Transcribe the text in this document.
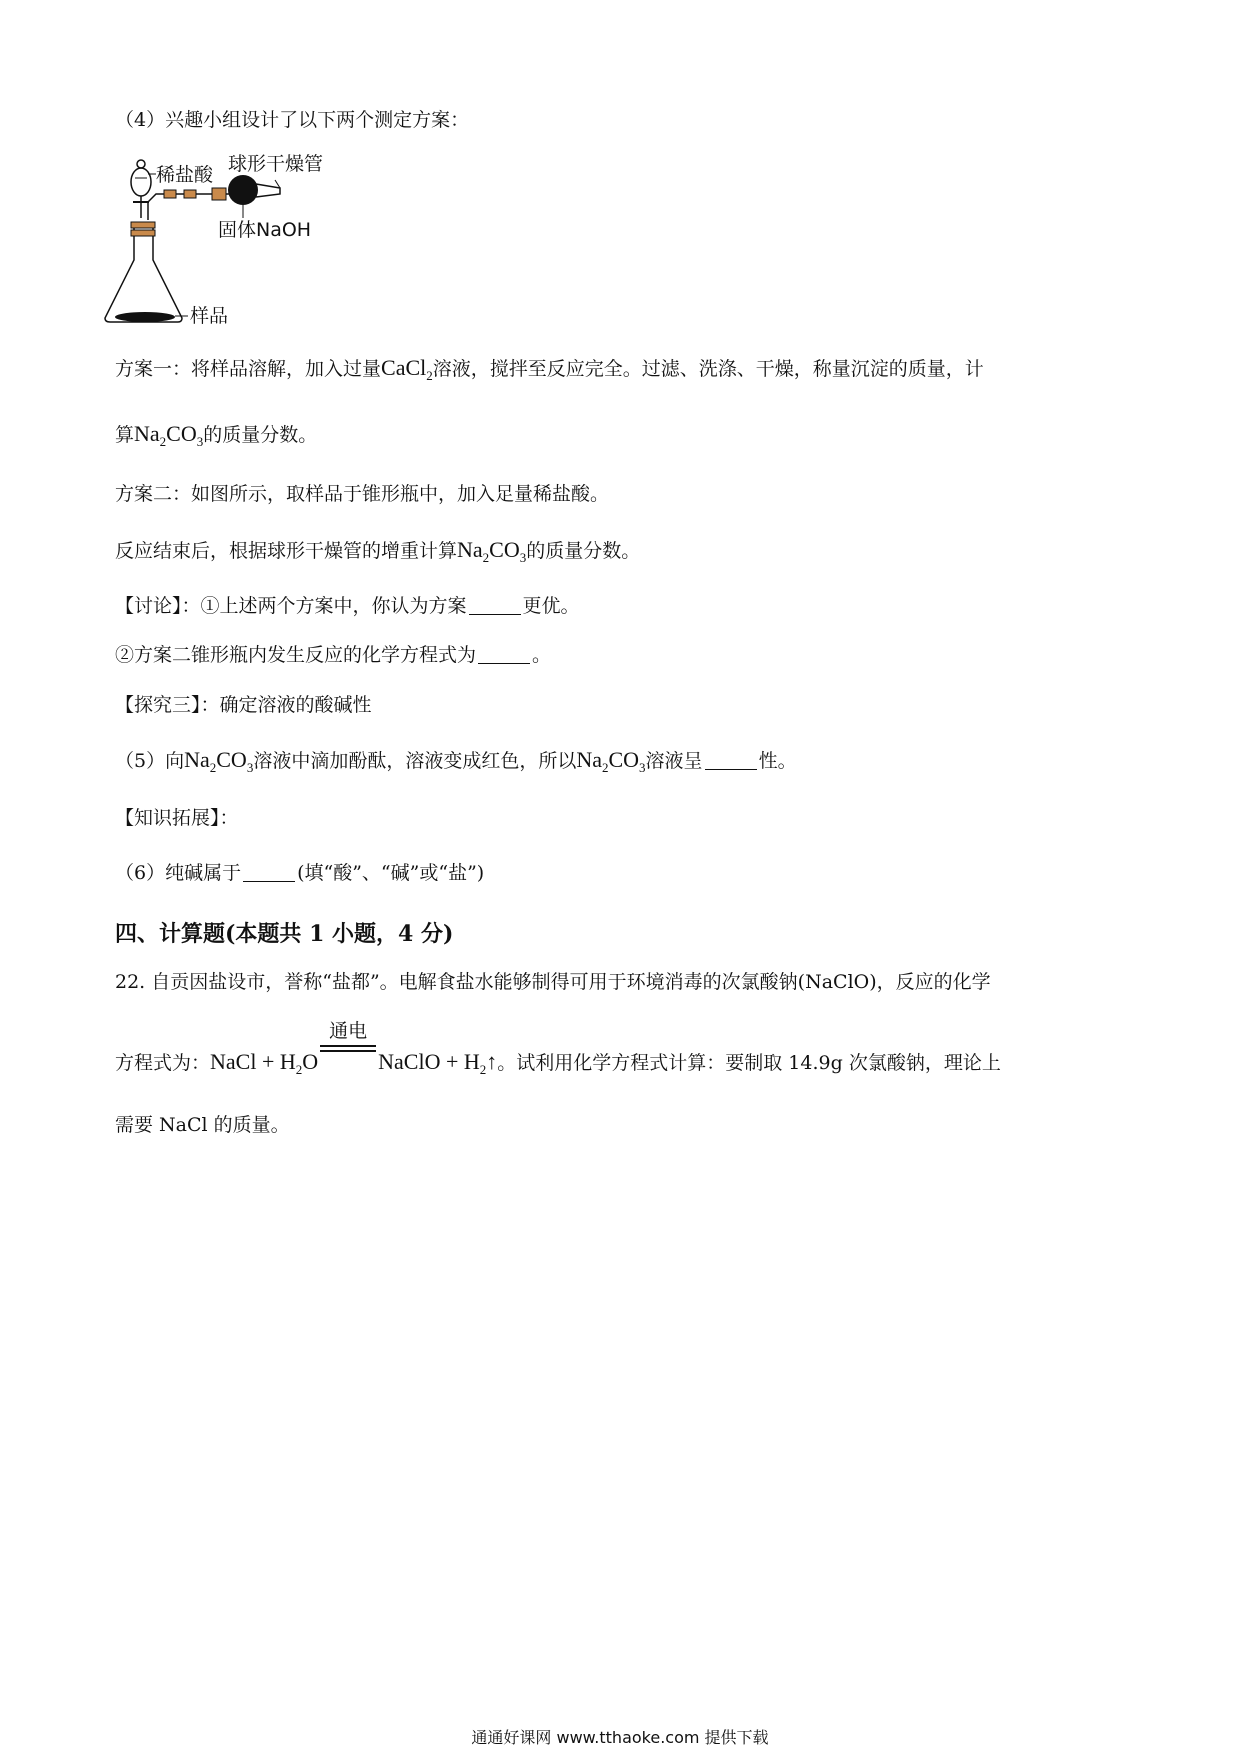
（4）兴趣小组设计了以下两个测定方案：
稀盐酸 球形干燥管
固体NaOH
样品
方案一：将样品溶解，加入过量CaCl$_2$溶液，搅拌至反应完全。过滤、洗涤、干燥，称量沉淀的质量，计
算$Na_2CO_3$的质量分数。
方案二：如图所示，取样品于锥形瓶中，加入足量稀盐酸。
反应结束后，根据球形干燥管的增重计算$Na_2CO_3$的质量分数。
【讨论】：①上述两个方案中，你认为方案	更优。
②方案二锥形瓶内发生反应的化学方程式为	。
【探究三】：确定溶液的酸碱性
（5）向$Na_2CO_3$溶液中滴加酚酞，溶液变成红色，所以$Na_2CO_3$溶液呈	性。
【知识拓展】：
（6）纯碱属于	(填“酸”、“碱”或“盐”)
四、计算题(本题共 1 小题，4 分)
22. 自贡因盐设市，誉称“盐都”。电解食盐水能够制得可用于环境消毒的次氯酸钠(NaClO)，反应的化学
方程式为：NaCl + $H_2O$
通电
NaClO + $H_2↑$。试利用化学方程式计算：要制取 14.9g 次氯酸钠，理论上
需要 NaCl 的质量。
通通好课网 www.tthaoke.com 提供下载
